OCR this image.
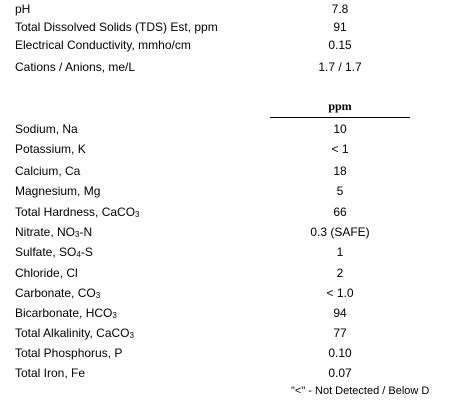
pH	7.8
Total Dissolved Solids (TDS) Est, ppm	91
Electrical Conductivity, mmho/cm	0.15
Cations / Anions, me/L	1.7 / 1.7
ppm
Sodium, Na	10
Potassium, K	< 1
Calcium, Ca	18
Magnesium, Mg	5
Total Hardness, CaCO3	66
Nitrate, NO3-N	0.3 (SAFE)
Sulfate, SO4-S	1
Chloride, Cl	2
Carbonate, CO3	< 1.0
Bicarbonate, HCO3	94
Total Alkalinity, CaCO3	77
Total Phosphorus, P	0.10
Total Iron, Fe	0.07
"<" - Not Detected / Below D
